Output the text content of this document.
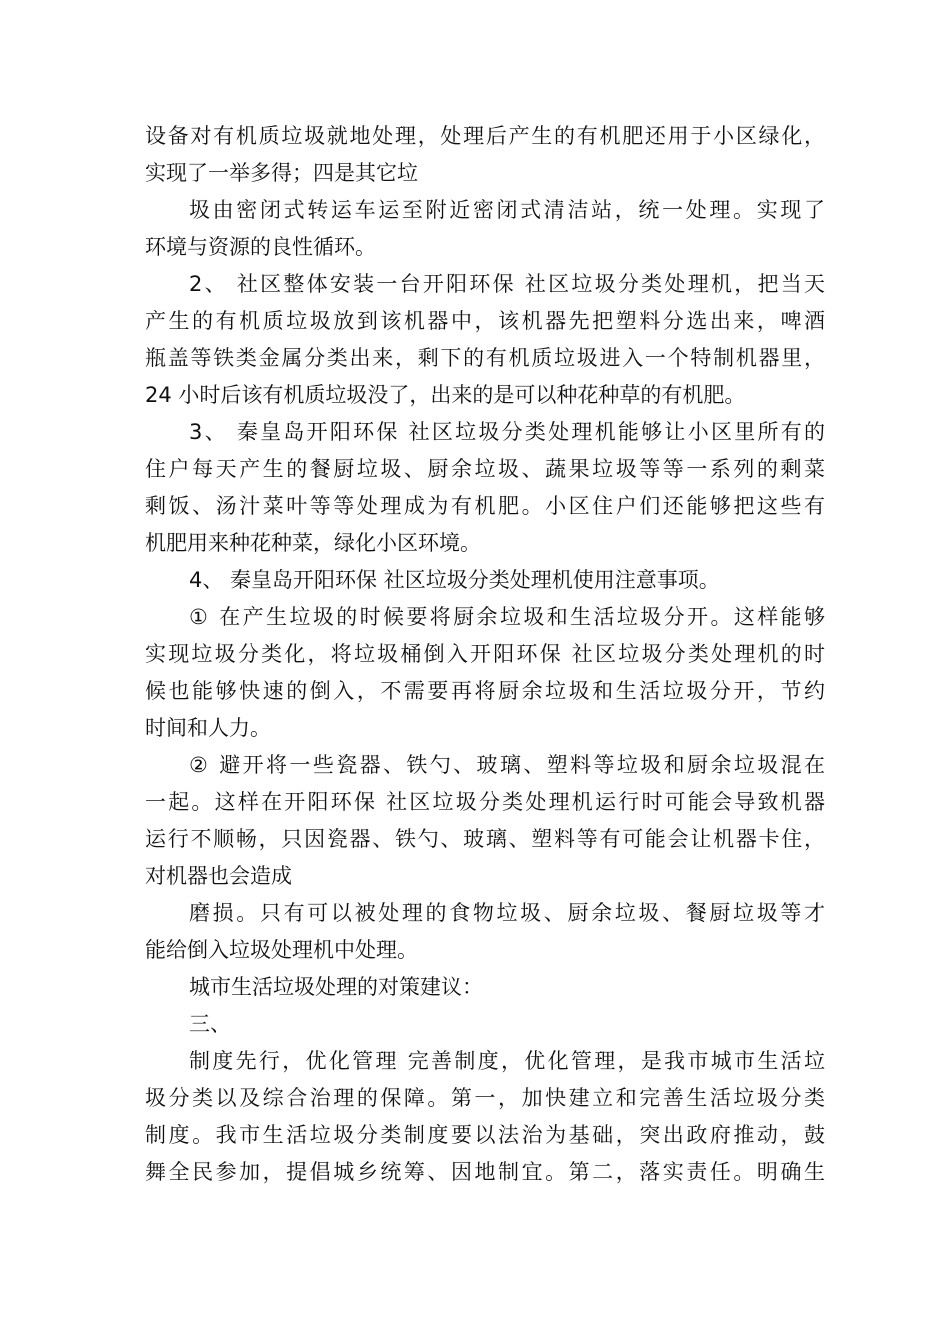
设备对有机质垃圾就地处理，处理后产生的有机肥还用于小区绿化，
实现了一举多得；四是其它垃
圾由密闭式转运车运至附近密闭式清洁站，统一处理。实现了
环境与资源的良性循环。
2、 社区整体安装一台开阳环保 社区垃圾分类处理机，把当天
产生的有机质垃圾放到该机器中，该机器先把塑料分选出来，啤酒
瓶盖等铁类金属分类出来，剩下的有机质垃圾进入一个特制机器里，
24 小时后该有机质垃圾没了，出来的是可以种花种草的有机肥。
3、 秦皇岛开阳环保 社区垃圾分类处理机能够让小区里所有的
住户每天产生的餐厨垃圾、厨余垃圾、蔬果垃圾等等一系列的剩菜
剩饭、汤汁菜叶等等处理成为有机肥。小区住户们还能够把这些有
机肥用来种花种菜，绿化小区环境。
4、 秦皇岛开阳环保 社区垃圾分类处理机使用注意事项。
① 在产生垃圾的时候要将厨余垃圾和生活垃圾分开。这样能够
实现垃圾分类化，将垃圾桶倒入开阳环保 社区垃圾分类处理机的时
候也能够快速的倒入，不需要再将厨余垃圾和生活垃圾分开，节约
时间和人力。
② 避开将一些瓷器、铁勺、玻璃、塑料等垃圾和厨余垃圾混在
一起。这样在开阳环保 社区垃圾分类处理机运行时可能会导致机器
运行不顺畅，只因瓷器、铁勺、玻璃、塑料等有可能会让机器卡住，
对机器也会造成
磨损。只有可以被处理的食物垃圾、厨余垃圾、餐厨垃圾等才
能给倒入垃圾处理机中处理。
城市生活垃圾处理的对策建议：
三、
制度先行，优化管理 完善制度，优化管理，是我市城市生活垃
圾分类以及综合治理的保障。第一，加快建立和完善生活垃圾分类
制度。我市生活垃圾分类制度要以法治为基础，突出政府推动，鼓
舞全民参加，提倡城乡统筹、因地制宜。第二，落实责任。明确生
